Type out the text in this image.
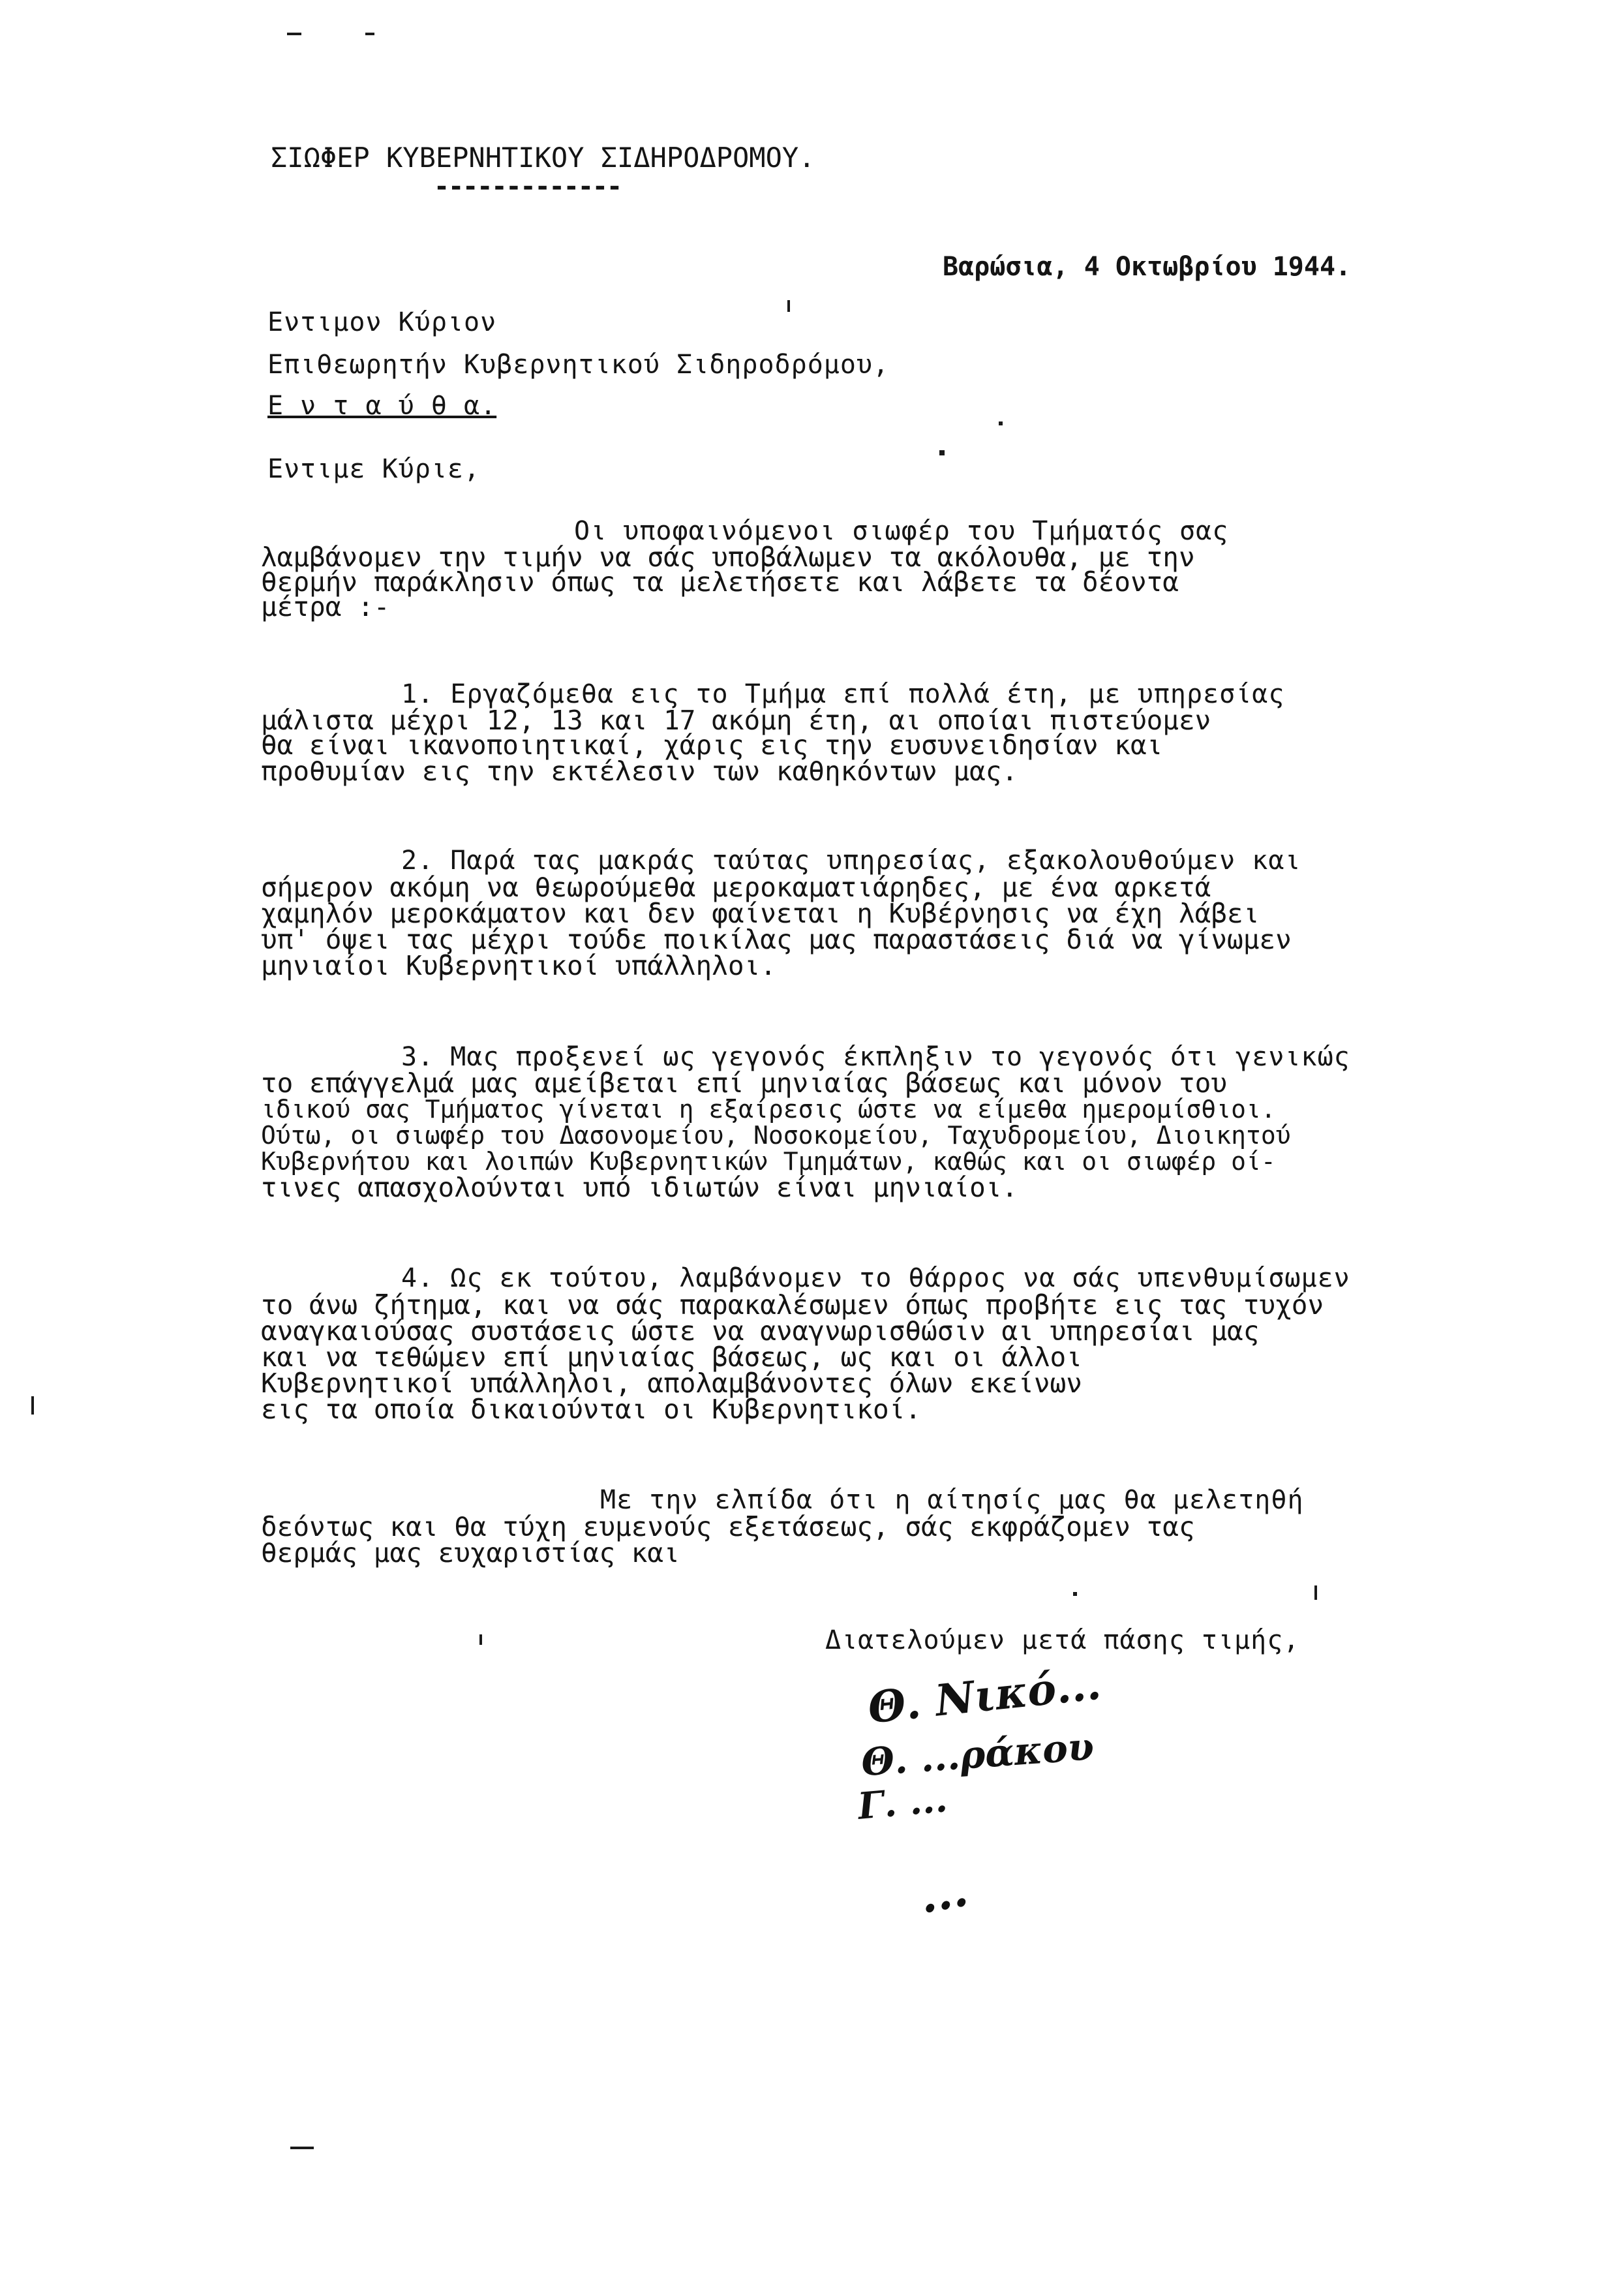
ΣΙΩΦΕΡ ΚΥΒΕΡΝΗΤΙΚΟΥ ΣΙΔΗΡΟΔΡΟΜΟΥ.
-------------
Βαρώσια, 4 Οκτωβρίου 1944.
Εντιμον Κύριον
Επιθεωρητήν Κυβερνητικού Σιδηροδρόμου,
Ε ν τ α ύ θ α.
Εντιμε Κύριε,
Οι υποφαινόμενοι σιωφέρ του Τμήματός σας
λαμβάνομεν την τιμήν να σάς υποβάλωμεν τα ακόλουθα, με την
θερμήν παράκλησιν όπως τα μελετήσετε και λάβετε τα δέοντα
μέτρα :-
1. Εργαζόμεθα εις το Τμήμα επί πολλά έτη, με υπηρεσίας
μάλιστα μέχρι 12, 13 και 17 ακόμη έτη, αι οποίαι πιστεύομεν
θα είναι ικανοποιητικαί, χάρις εις την ευσυνειδησίαν και
προθυμίαν εις την εκτέλεσιν των καθηκόντων μας.
2. Παρά τας μακράς ταύτας υπηρεσίας, εξακολουθούμεν και
σήμερον ακόμη να θεωρούμεθα μεροκαματιάρηδες, με ένα αρκετά
χαμηλόν μεροκάματον και δεν φαίνεται η Κυβέρνησις να έχη λάβει
υπ' όψει τας μέχρι τούδε ποικίλας μας παραστάσεις διά να γίνωμεν
μηνιαίοι Κυβερνητικοί υπάλληλοι.
3. Μας προξενεί ως γεγονός έκπληξιν το γεγονός ότι γενικώς
το επάγγελμά μας αμείβεται επί μηνιαίας βάσεως και μόνον του
ιδικού σας Τμήματος γίνεται η εξαίρεσις ώστε να είμεθα ημερομίσθιοι.
Ούτω, οι σιωφέρ του Δασονομείου, Νοσοκομείου, Ταχυδρομείου, Διοικητού
Κυβερνήτου και λοιπών Κυβερνητικών Τμημάτων, καθώς και οι σιωφέρ οί-
τινες απασχολούνται υπό ιδιωτών είναι μηνιαίοι.
4. Ως εκ τούτου, λαμβάνομεν το θάρρος να σάς υπενθυμίσωμεν
το άνω ζήτημα, και να σάς παρακαλέσωμεν όπως προβήτε εις τας τυχόν
αναγκαιούσας συστάσεις ώστε να αναγνωρισθώσιν αι υπηρεσίαι μας
και να τεθώμεν επί μηνιαίας βάσεως, ως και οι άλλοι
Κυβερνητικοί υπάλληλοι, απολαμβάνοντες όλων εκείνων
εις τα οποία δικαιούνται οι Κυβερνητικοί.
Με την ελπίδα ότι η αίτησίς μας θα μελετηθή
δεόντως και θα τύχη ευμενούς εξετάσεως, σάς εκφράζομεν τας
θερμάς μας ευχαριστίας και
Διατελούμεν μετά πάσης τιμής,
Θ. Νικό...
Θ. ...ράκου
Γ. ...
...
